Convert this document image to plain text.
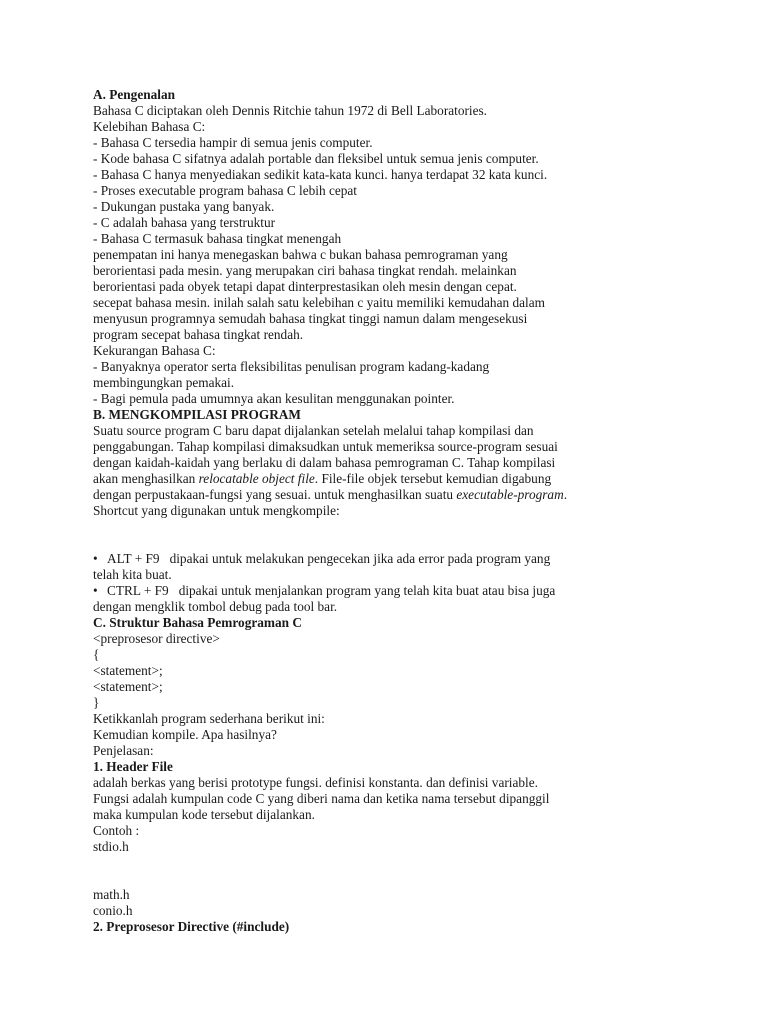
A. Pengenalan
Bahasa C diciptakan oleh Dennis Ritchie tahun 1972 di Bell Laboratories.
Kelebihan Bahasa C:
- Bahasa C tersedia hampir di semua jenis computer.
- Kode bahasa C sifatnya adalah portable dan fleksibel untuk semua jenis computer.
- Bahasa C hanya menyediakan sedikit kata-kata kunci. hanya terdapat 32 kata kunci.
- Proses executable program bahasa C lebih cepat
- Dukungan pustaka yang banyak.
- C adalah bahasa yang terstruktur
- Bahasa C termasuk bahasa tingkat menengah
penempatan ini hanya menegaskan bahwa c bukan bahasa pemrograman yang
berorientasi pada mesin. yang merupakan ciri bahasa tingkat rendah. melainkan
berorientasi pada obyek tetapi dapat dinterprestasikan oleh mesin dengan cepat.
secepat bahasa mesin. inilah salah satu kelebihan c yaitu memiliki kemudahan dalam
menyusun programnya semudah bahasa tingkat tinggi namun dalam mengesekusi
program secepat bahasa tingkat rendah.
Kekurangan Bahasa C:
- Banyaknya operator serta fleksibilitas penulisan program kadang-kadang
membingungkan pemakai.
- Bagi pemula pada umumnya akan kesulitan menggunakan pointer.
B. MENGKOMPILASI PROGRAM
Suatu source program C baru dapat dijalankan setelah melalui tahap kompilasi dan
penggabungan. Tahap kompilasi dimaksudkan untuk memeriksa source-program sesuai
dengan kaidah-kaidah yang berlaku di dalam bahasa pemrograman C. Tahap kompilasi
akan menghasilkan relocatable object file. File-file objek tersebut kemudian digabung
dengan perpustakaan-fungsi yang sesuai. untuk menghasilkan suatu executable-program.
Shortcut yang digunakan untuk mengkompile:
• ALT + F9 dipakai untuk melakukan pengecekan jika ada error pada program yang
telah kita buat.
• CTRL + F9 dipakai untuk menjalankan program yang telah kita buat atau bisa juga
dengan mengklik tombol debug pada tool bar.
C. Struktur Bahasa Pemrograman C
<preprosesor directive>
{
<statement>;
<statement>;
}
Ketikkanlah program sederhana berikut ini:
Kemudian kompile. Apa hasilnya?
Penjelasan:
1. Header File
adalah berkas yang berisi prototype fungsi. definisi konstanta. dan definisi variable.
Fungsi adalah kumpulan code C yang diberi nama dan ketika nama tersebut dipanggil
maka kumpulan kode tersebut dijalankan.
Contoh :
stdio.h
math.h
conio.h
2. Preprosesor Directive (#include)
